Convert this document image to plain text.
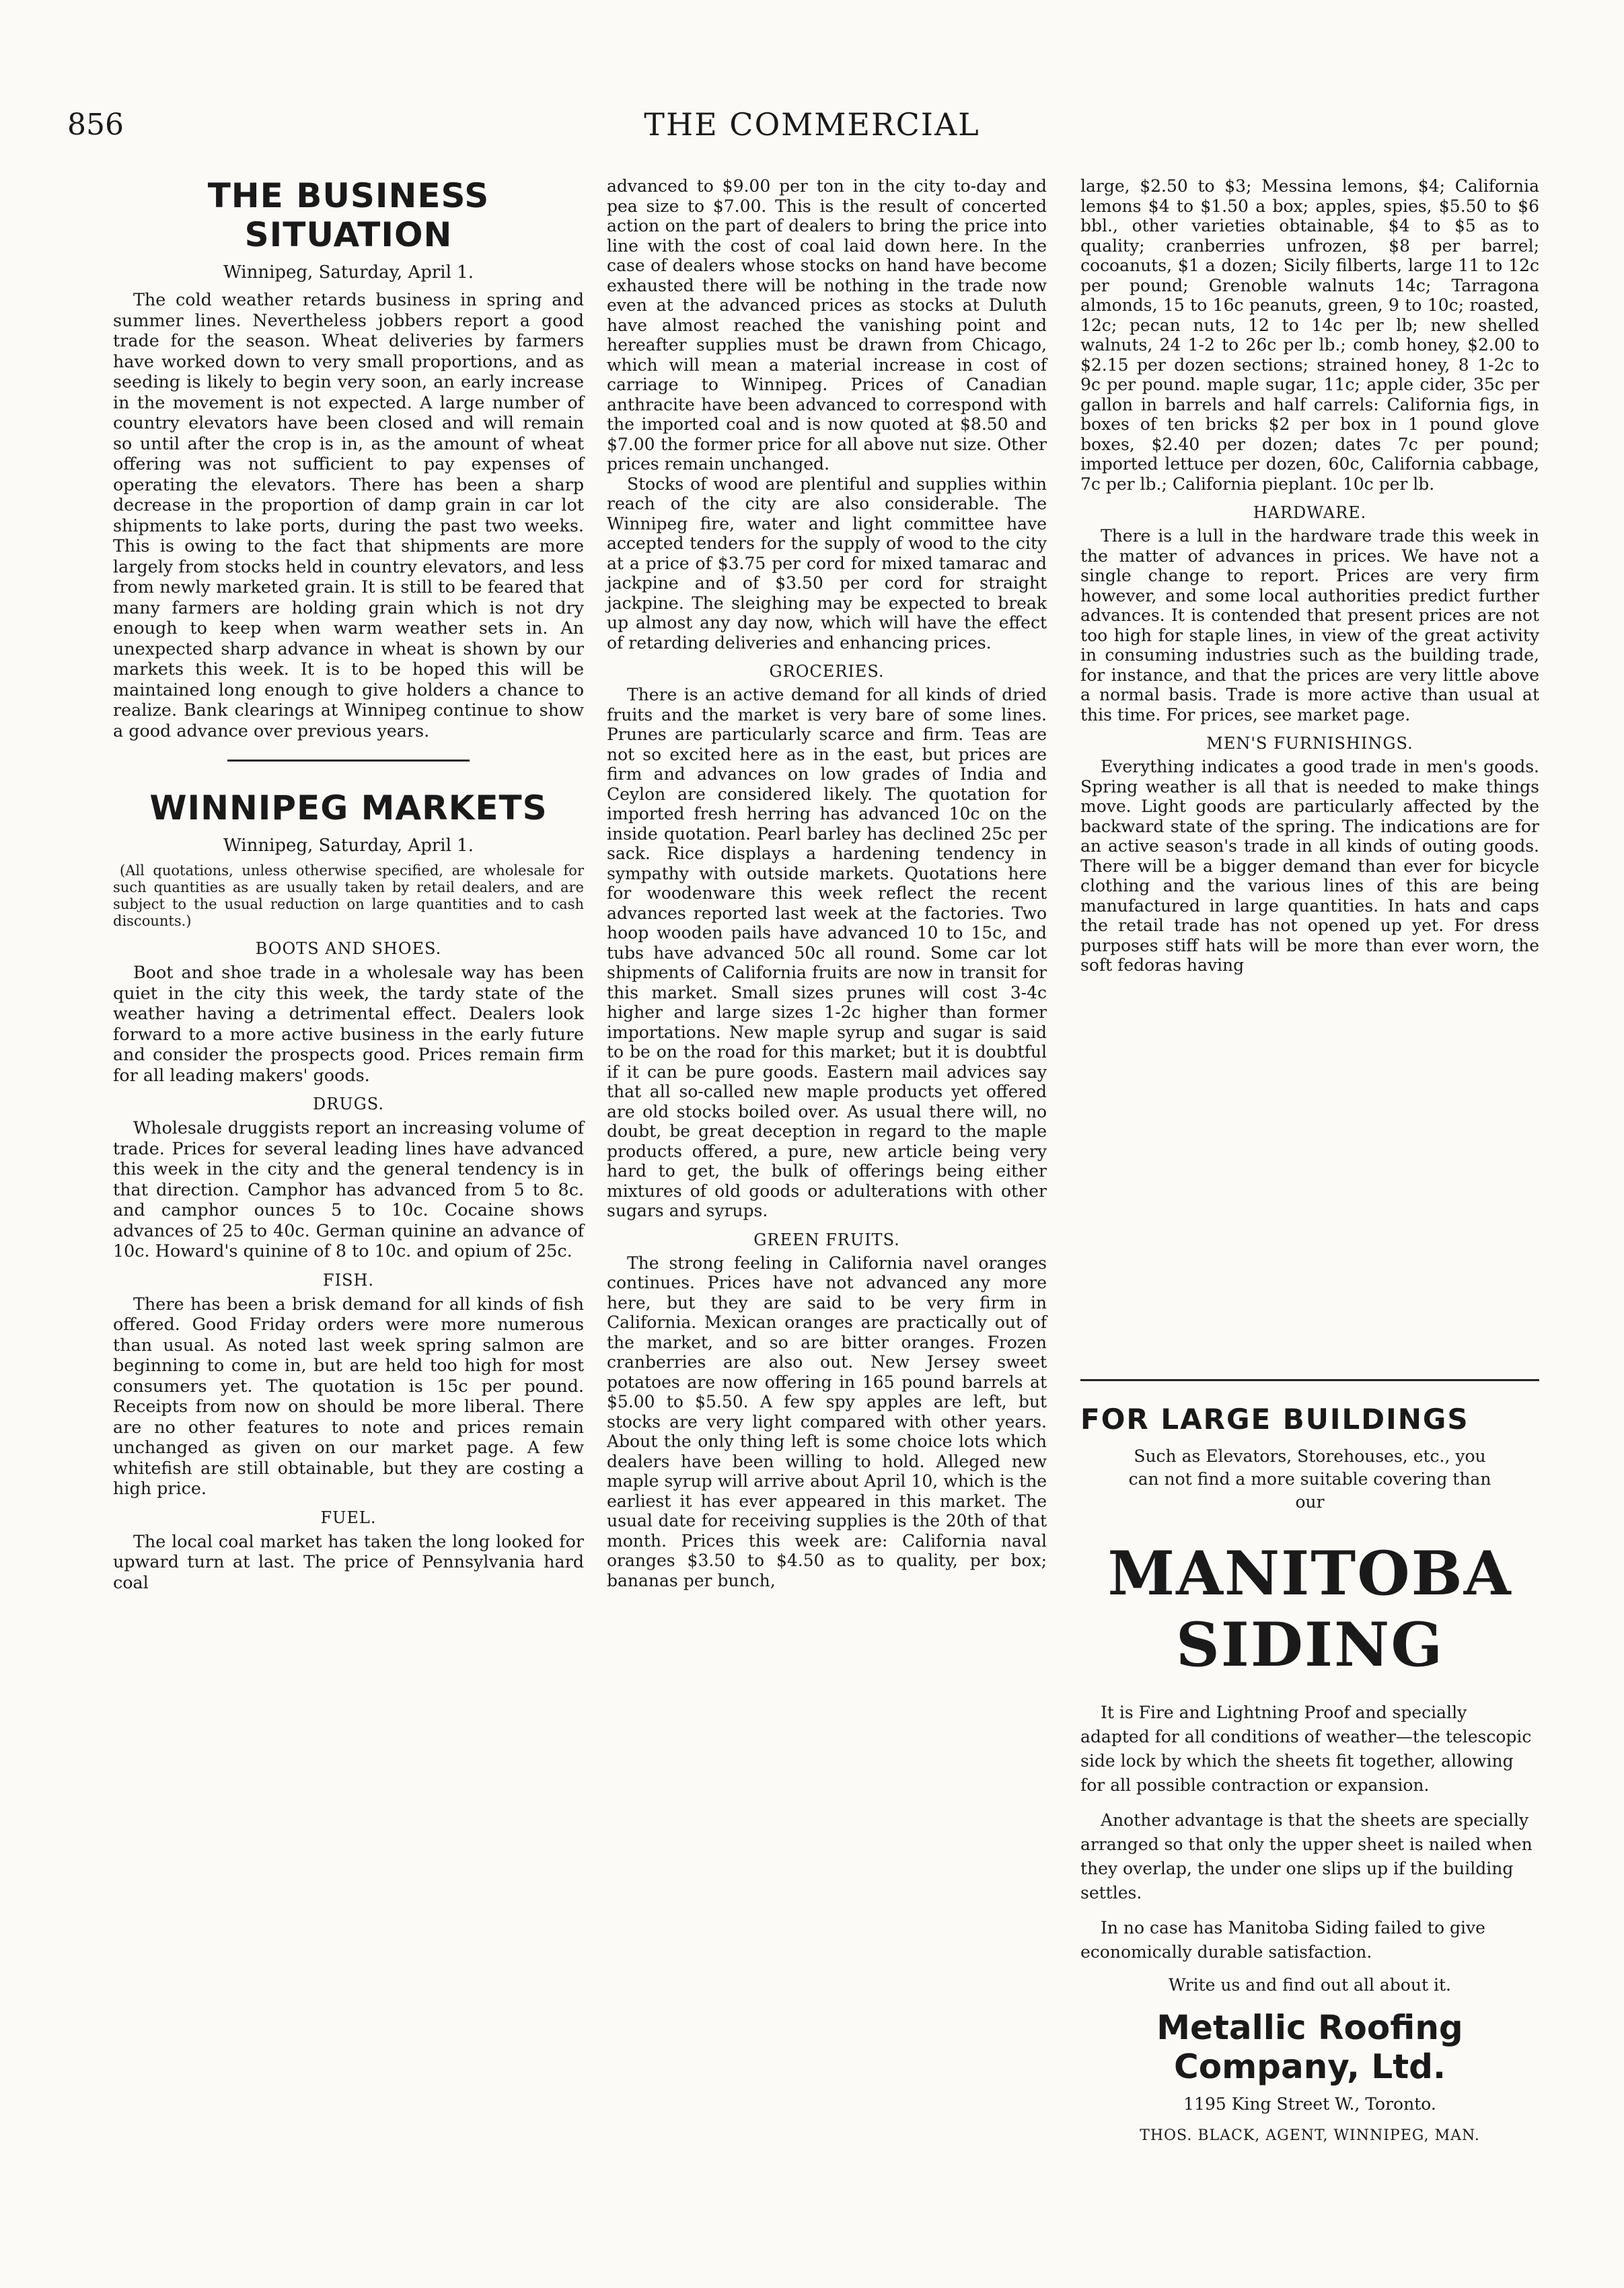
856	THE COMMERCIAL
THE BUSINESS SITUATION
Winnipeg, Saturday, April 1.

The cold weather retards business in spring and summer lines. Nevertheless jobbers report a good trade for the season. Wheat deliveries by farmers have worked down to very small proportions, and as seeding is likely to begin very soon, an early increase in the movement is not expected. A large number of country elevators have been closed and will remain so until after the crop is in, as the amount of wheat offering was not sufficient to pay expenses of operating the elevators. There has been a sharp decrease in the proportion of damp grain in car lot shipments to lake ports, during the past two weeks. This is owing to the fact that shipments are more largely from stocks held in country elevators, and less from newly marketed grain. It is still to be feared that many farmers are holding grain which is not dry enough to keep when warm weather sets in. An unexpected sharp advance in wheat is shown by our markets this week. It is to be hoped this will be maintained long enough to give holders a chance to realize. Bank clearings at Winnipeg continue to show a good advance over previous years.

WINNIPEG MARKETS
Winnipeg, Saturday, April 1.
(All quotations, unless otherwise specified, are wholesale for such quantities as are usually taken by retail dealers, and are subject to the usual reduction on large quantities and to cash discounts.)
BOOTS AND SHOES.

Boot and shoe trade in a wholesale way has been quiet in the city this week, the tardy state of the weather having a detrimental effect. Dealers look forward to a more active business in the early future and consider the prospects good. Prices remain firm for all leading makers' goods.

DRUGS.

Wholesale druggists report an increasing volume of trade. Prices for several leading lines have advanced this week in the city and the general tendency is in that direction. Camphor has advanced from 5 to 8c. and camphor ounces 5 to 10c. Cocaine shows advances of 25 to 40c. German quinine an advance of 10c. Howard's quinine of 8 to 10c. and opium of 25c.

FISH.

There has been a brisk demand for all kinds of fish offered. Good Friday orders were more numerous than usual. As noted last week spring salmon are beginning to come in, but are held too high for most consumers yet. The quotation is 15c per pound. Receipts from now on should be more liberal. There are no other features to note and prices remain unchanged as given on our market page. A few whitefish are still obtainable, but they are costing a high price.

FUEL.

The local coal market has taken the long looked for upward turn at last. The price of Pennsylvania hard coal

advanced to $9.00 per ton in the city to-day and pea size to $7.00. This is the result of concerted action on the part of dealers to bring the price into line with the cost of coal laid down here. In the case of dealers whose stocks on hand have become exhausted there will be nothing in the trade now even at the advanced prices as stocks at Duluth have almost reached the vanishing point and hereafter supplies must be drawn from Chicago, which will mean a material increase in cost of carriage to Winnipeg. Prices of Canadian anthracite have been advanced to correspond with the imported coal and is now quoted at $8.50 and $7.00 the former price for all above nut size. Other prices remain unchanged.

Stocks of wood are plentiful and supplies within reach of the city are also considerable. The Winnipeg fire, water and light committee have accepted tenders for the supply of wood to the city at a price of $3.75 per cord for mixed tamarac and jackpine and of $3.50 per cord for straight jackpine. The sleighing may be expected to break up almost any day now, which will have the effect of retarding deliveries and enhancing prices.

GROCERIES.

There is an active demand for all kinds of dried fruits and the market is very bare of some lines. Prunes are particularly scarce and firm. Teas are not so excited here as in the east, but prices are firm and advances on low grades of India and Ceylon are considered likely. The quotation for imported fresh herring has advanced 10c on the inside quotation. Pearl barley has declined 25c per sack. Rice displays a hardening tendency in sympathy with outside markets. Quotations here for woodenware this week reflect the recent advances reported last week at the factories. Two hoop wooden pails have advanced 10 to 15c, and tubs have advanced 50c all round. Some car lot shipments of California fruits are now in transit for this market. Small sizes prunes will cost 3-4c higher and large sizes 1-2c higher than former importations. New maple syrup and sugar is said to be on the road for this market; but it is doubtful if it can be pure goods. Eastern mail advices say that all so-called new maple products yet offered are old stocks boiled over. As usual there will, no doubt, be great deception in regard to the maple products offered, a pure, new article being very hard to get, the bulk of offerings being either mixtures of old goods or adulterations with other sugars and syrups.

GREEN FRUITS.

The strong feeling in California navel oranges continues. Prices have not advanced any more here, but they are said to be very firm in California. Mexican oranges are practically out of the market, and so are bitter oranges. Frozen cranberries are also out. New Jersey sweet potatoes are now offering in 165 pound barrels at $5.00 to $5.50. A few spy apples are left, but stocks are very light compared with other years. About the only thing left is some choice lots which dealers have been willing to hold. Alleged new maple syrup will arrive about April 10, which is the earliest it has ever appeared in this market. The usual date for receiving supplies is the 20th of that month. Prices this week are: California naval oranges $3.50 to $4.50 as to quality, per box; bananas per bunch,

large, $2.50 to $3; Messina lemons, $4; California lemons $4 to $1.50 a box; apples, spies, $5.50 to $6 bbl., other varieties obtainable, $4 to $5 as to quality; cranberries unfrozen, $8 per barrel; cocoanuts, $1 a dozen; Sicily filberts, large 11 to 12c per pound; Grenoble walnuts 14c; Tarragona almonds, 15 to 16c peanuts, green, 9 to 10c; roasted, 12c; pecan nuts, 12 to 14c per lb; new shelled walnuts, 24 1-2 to 26c per lb.; comb honey, $2.00 to $2.15 per dozen sections; strained honey, 8 1-2c to 9c per pound. maple sugar, 11c; apple cider, 35c per gallon in barrels and half carrels: California figs, in boxes of ten bricks $2 per box in 1 pound glove boxes, $2.40 per dozen; dates 7c per pound; imported lettuce per dozen, 60c, California cabbage, 7c per lb.; California pieplant. 10c per lb.

HARDWARE.

There is a lull in the hardware trade this week in the matter of advances in prices. We have not a single change to report. Prices are very firm however, and some local authorities predict further advances. It is contended that present prices are not too high for staple lines, in view of the great activity in consuming industries such as the building trade, for instance, and that the prices are very little above a normal basis. Trade is more active than usual at this time. For prices, see market page.

MEN'S FURNISHINGS.

Everything indicates a good trade in men's goods. Spring weather is all that is needed to make things move. Light goods are particularly affected by the backward state of the spring. The indications are for an active season's trade in all kinds of outing goods. There will be a bigger demand than ever for bicycle clothing and the various lines of this are being manufactured in large quantities. In hats and caps the retail trade has not opened up yet. For dress purposes stiff hats will be more than ever worn, the soft fedoras having

FOR LARGE BUILDINGS
Such as Elevators, Storehouses, etc., you can not find a more suitable covering than our
MANITOBA SIDING

It is Fire and Lightning Proof and specially adapted for all conditions of weather—the telescopic side lock by which the sheets fit together, allowing for all possible contraction or expansion.

Another advantage is that the sheets are specially arranged so that only the upper sheet is nailed when they overlap, the under one slips up if the building settles.

In no case has Manitoba Siding failed to give economically durable satisfaction.

Write us and find out all about it.
Metallic Roofing Company, Ltd.
1195 King Street W., Toronto.
THOS. BLACK, AGENT, WINNIPEG, MAN.
